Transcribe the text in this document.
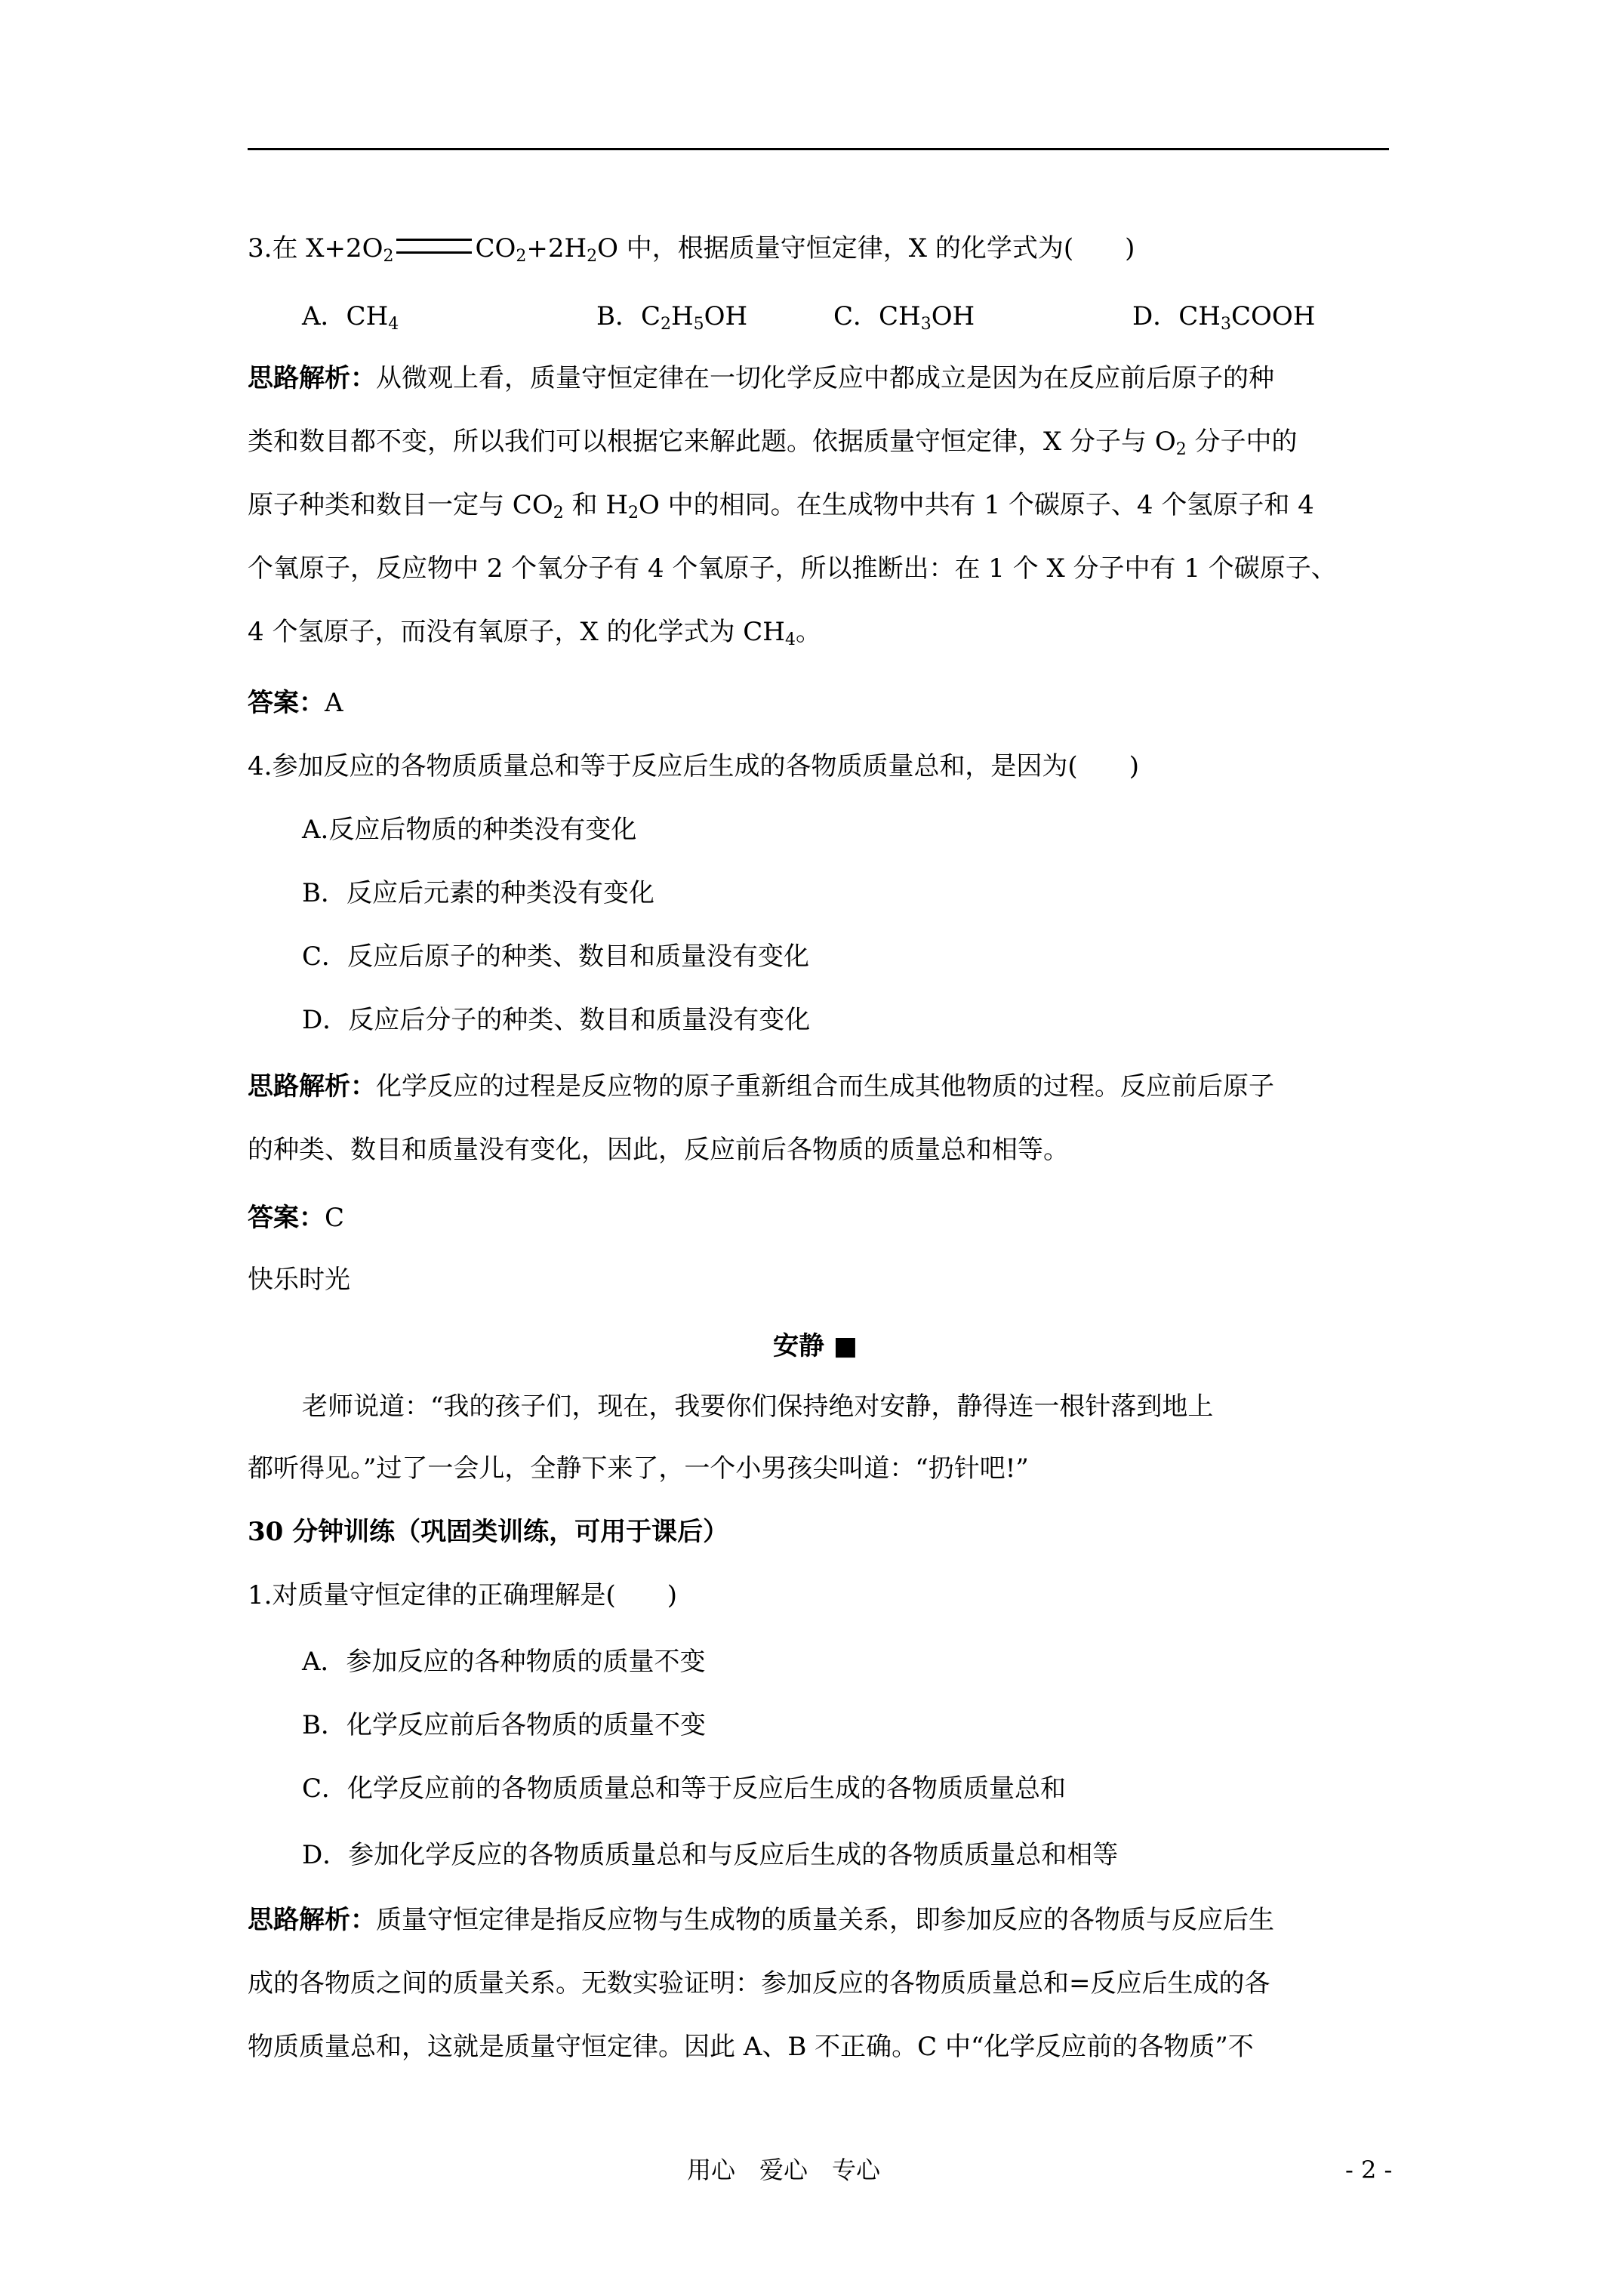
3.在 $X+2O_2$	$CO_2+2H_2O$ 中，根据质量守恒定律，X 的化学式为(　　)
A．$CH_4$	B．$C_2H_5OH$	C．$CH_3OH$	D．$CH_3COOH$
思路解析：从微观上看，质量守恒定律在一切化学反应中都成立是因为在反应前后原子的种
类和数目都不变，所以我们可以根据它来解此题。依据质量守恒定律，X 分子与 $O_2$ 分子中的
原子种类和数目一定与 $CO_2$ 和 $H_2O$ 中的相同。在生成物中共有 1 个碳原子、4 个氢原子和 4
个氧原子，反应物中 2 个氧分子有 4 个氧原子，所以推断出：在 1 个 X 分子中有 1 个碳原子、
4 个氢原子，而没有氧原子，X 的化学式为 $CH_4$。
答案：A
4.参加反应的各物质质量总和等于反应后生成的各物质质量总和，是因为(　　)
A.反应后物质的种类没有变化
B．反应后元素的种类没有变化
C．反应后原子的种类、数目和质量没有变化
D．反应后分子的种类、数目和质量没有变化
思路解析：化学反应的过程是反应物的原子重新组合而生成其他物质的过程。反应前后原子
的种类、数目和质量没有变化，因此，反应前后各物质的质量总和相等。
答案：C
快乐时光
安静 ■
老师说道：“我的孩子们，现在，我要你们保持绝对安静，静得连一根针落到地上
都听得见。”过了一会儿，全静下来了，一个小男孩尖叫道：“扔针吧!”
30 分钟训练（巩固类训练，可用于课后）
1.对质量守恒定律的正确理解是(　　)
A．参加反应的各种物质的质量不变
B．化学反应前后各物质的质量不变
C．化学反应前的各物质质量总和等于反应后生成的各物质质量总和
D．参加化学反应的各物质质量总和与反应后生成的各物质质量总和相等
思路解析：质量守恒定律是指反应物与生成物的质量关系，即参加反应的各物质与反应后生
成的各物质之间的质量关系。无数实验证明：参加反应的各物质质量总和=反应后生成的各
物质质量总和，这就是质量守恒定律。因此 A、B 不正确。C 中“化学反应前的各物质”不
用心　爱心　专心	- 2 -
